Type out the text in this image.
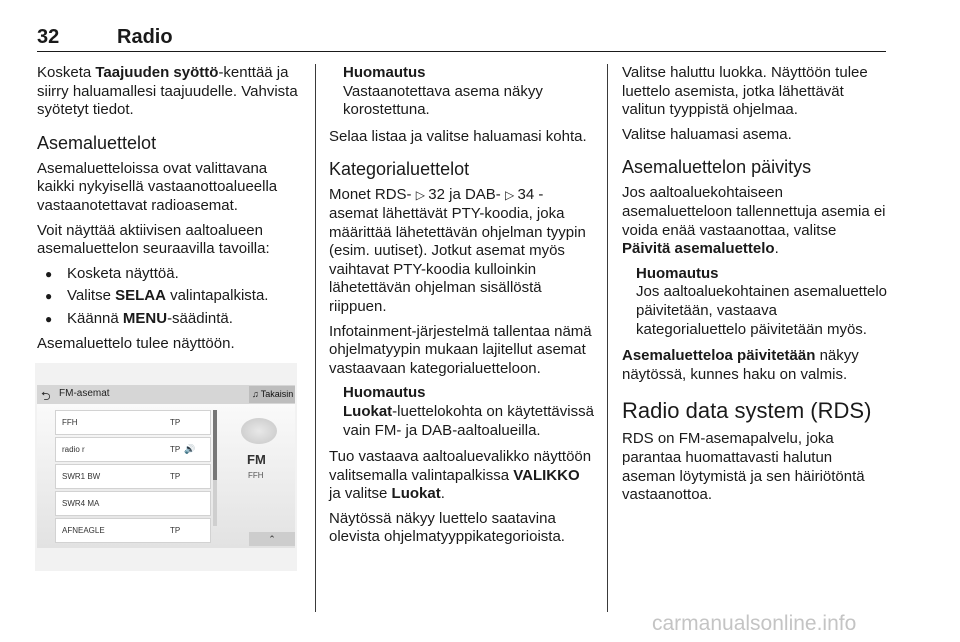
32	Radio

Kosketa Taajuuden syöttö-kenttää ja siirry haluamallesi taajuudelle. Vahvista syötetyt tiedot.

Asemaluettelot

Asemaluetteloissa ovat valittavana kaikki nykyisellä vastaanottoalueella vastaanotettavat radioasemat.

Voit näyttää aktiivisen aaltoalueen asemaluettelon seuraavilla tavoilla:

● Kosketa näyttöä.
● Valitse SELAA valintapalkista.
● Käännä MENU-säädintä.

Asemaluettelo tulee näyttöön.

⮌ FM-asemat	♫ Takaisin
FFH	TP
radio r	TP 🔊
SWR1 BW	TP
SWR4 MA
AFNEAGLE	TP
FM
FFH
⌃
Huomautus
Vastaanotettava asema näkyy korostettuna.

Selaa listaa ja valitse haluamasi kohta.

Kategorialuettelot

Monet RDS- ▷ 32 ja DAB- ▷ 34 - asemat lähettävät PTY-koodia, joka määrittää lähetettävän ohjelman tyypin (esim. uutiset). Jotkut asemat myös vaihtavat PTY-koodia kulloinkin lähetettävän ohjelman sisällöstä riippuen.

Infotainment-järjestelmä tallentaa nämä ohjelmatyypin mukaan lajitellut asemat vastaavaan kategorialuetteloon.

Huomautus
Luokat-luettelokohta on käytettävissä vain FM- ja DAB-aaltoalueilla.

Tuo vastaava aaltoaluevalikko näyttöön valitsemalla valintapalkissa VALIKKO ja valitse Luokat.

Näytössä näkyy luettelo saatavina olevista ohjelmatyyppikategorioista.

Valitse haluttu luokka. Näyttöön tulee luettelo asemista, jotka lähettävät valitun tyyppistä ohjelmaa.

Valitse haluamasi asema.

Asemaluettelon päivitys

Jos aaltoaluekohtaiseen asemaluetteloon tallennettuja asemia ei voida enää vastaanottaa, valitse Päivitä asemaluettelo.

Huomautus
Jos aaltoaluekohtainen asemaluettelo päivitetään, vastaava kategorialuettelo päivitetään myös.

Asemaluetteloa päivitetään näkyy näytössä, kunnes haku on valmis.

Radio data system (RDS)

RDS on FM-asemapalvelu, joka parantaa huomattavasti halutun aseman löytymistä ja sen häiriötöntä vastaanottoa.

carmanualsonline.info
